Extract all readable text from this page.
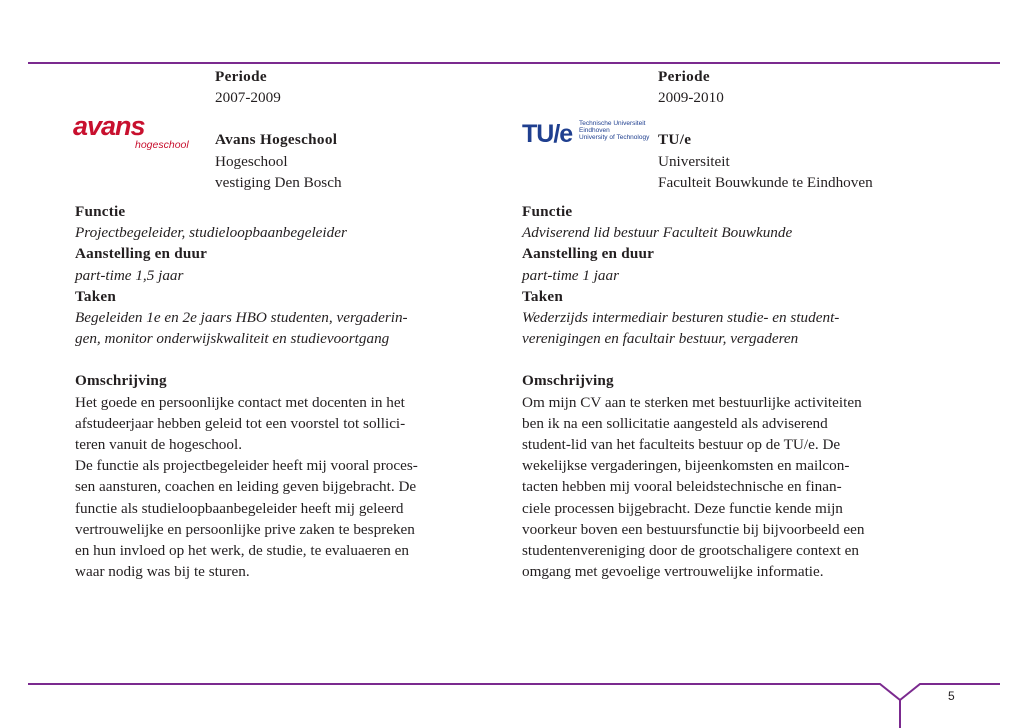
avans
hogeschool	TU/e Technische Universiteit
Eindhoven
University of Technology
Periode
2007-2009
Avans Hogeschool
Hogeschool
vestiging Den Bosch
Functie
Projectbegeleider, studieloopbaanbegeleider
Aanstelling en duur
part-time 1,5 jaar
Taken
Begeleiden 1e en 2e jaars HBO studenten, vergaderin-
gen, monitor onderwijskwaliteit en studievoortgang
Omschrijving
Het goede en persoonlijke contact met docenten in het
afstudeerjaar hebben geleid tot een voorstel tot sollici-
teren vanuit de hogeschool.
De functie als projectbegeleider heeft mij vooral proces-
sen aansturen, coachen en leiding geven bijgebracht. De
functie als studieloopbaanbegeleider heeft mij geleerd
vertrouwelijke en persoonlijke prive zaken te bespreken
en hun invloed op het werk, de studie, te evaluaeren en
waar nodig was bij te sturen.
Periode
2009-2010
TU/e
Universiteit
Faculteit Bouwkunde te Eindhoven
Functie
Adviserend lid bestuur Faculteit Bouwkunde
Aanstelling en duur
part-time 1 jaar
Taken
Wederzijds intermediair besturen studie- en student-
verenigingen en facultair bestuur, vergaderen
Omschrijving
Om mijn CV aan te sterken met bestuurlijke activiteiten
ben ik na een sollicitatie aangesteld als adviserend
student-lid van het faculteits bestuur op de TU/e. De
wekelijkse vergaderingen, bijeenkomsten en mailcon-
tacten hebben mij vooral beleidstechnische en finan-
ciele processen bijgebracht. Deze functie kende mijn
voorkeur boven een bestuursfunctie bij bijvoorbeeld een
studentenvereniging door de grootschaligere context en
omgang met gevoelige vertrouwelijke informatie.
5
